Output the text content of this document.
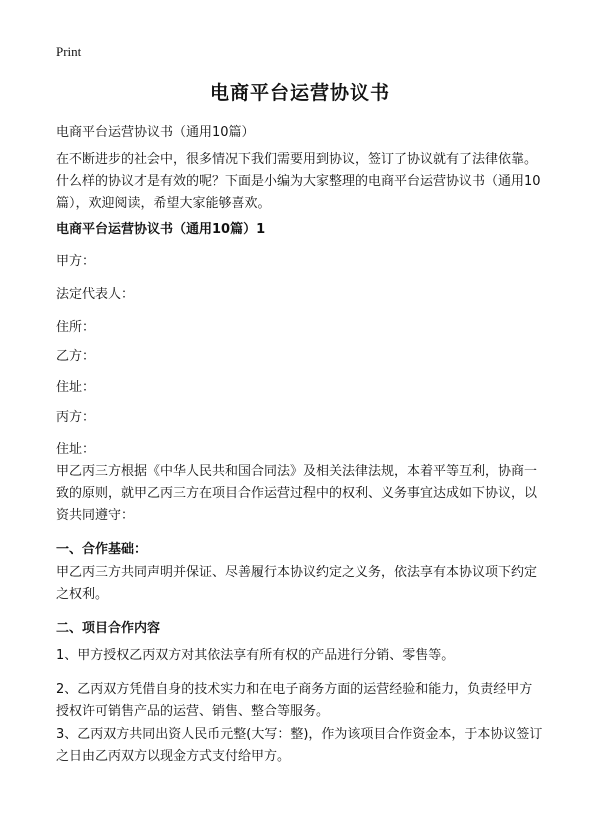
Print
电商平台运营协议书
电商平台运营协议书（通用10篇）
在不断进步的社会中，很多情况下我们需要用到协议，签订了协议就有了法律依靠。什么样的协议才是有效的呢？下面是小编为大家整理的电商平台运营协议书（通用10篇），欢迎阅读，希望大家能够喜欢。
电商平台运营协议书（通用10篇）1
甲方：
法定代表人：
住所：
乙方：
住址：
丙方：
住址：
甲乙丙三方根据《中华人民共和国合同法》及相关法律法规，本着平等互利，协商一致的原则，就甲乙丙三方在项目合作运营过程中的权利、义务事宜达成如下协议，以资共同遵守：
一、合作基础：
甲乙丙三方共同声明并保证、尽善履行本协议约定之义务，依法享有本协议项下约定之权利。
二、项目合作内容
1、甲方授权乙丙双方对其依法享有所有权的产品进行分销、零售等。
2、乙丙双方凭借自身的技术实力和在电子商务方面的运营经验和能力，负责经甲方授权许可销售产品的运营、销售、整合等服务。
3、乙丙双方共同出资人民币元整(大写：整)，作为该项目合作资金本，于本协议签订之日由乙丙双方以现金方式支付给甲方。
